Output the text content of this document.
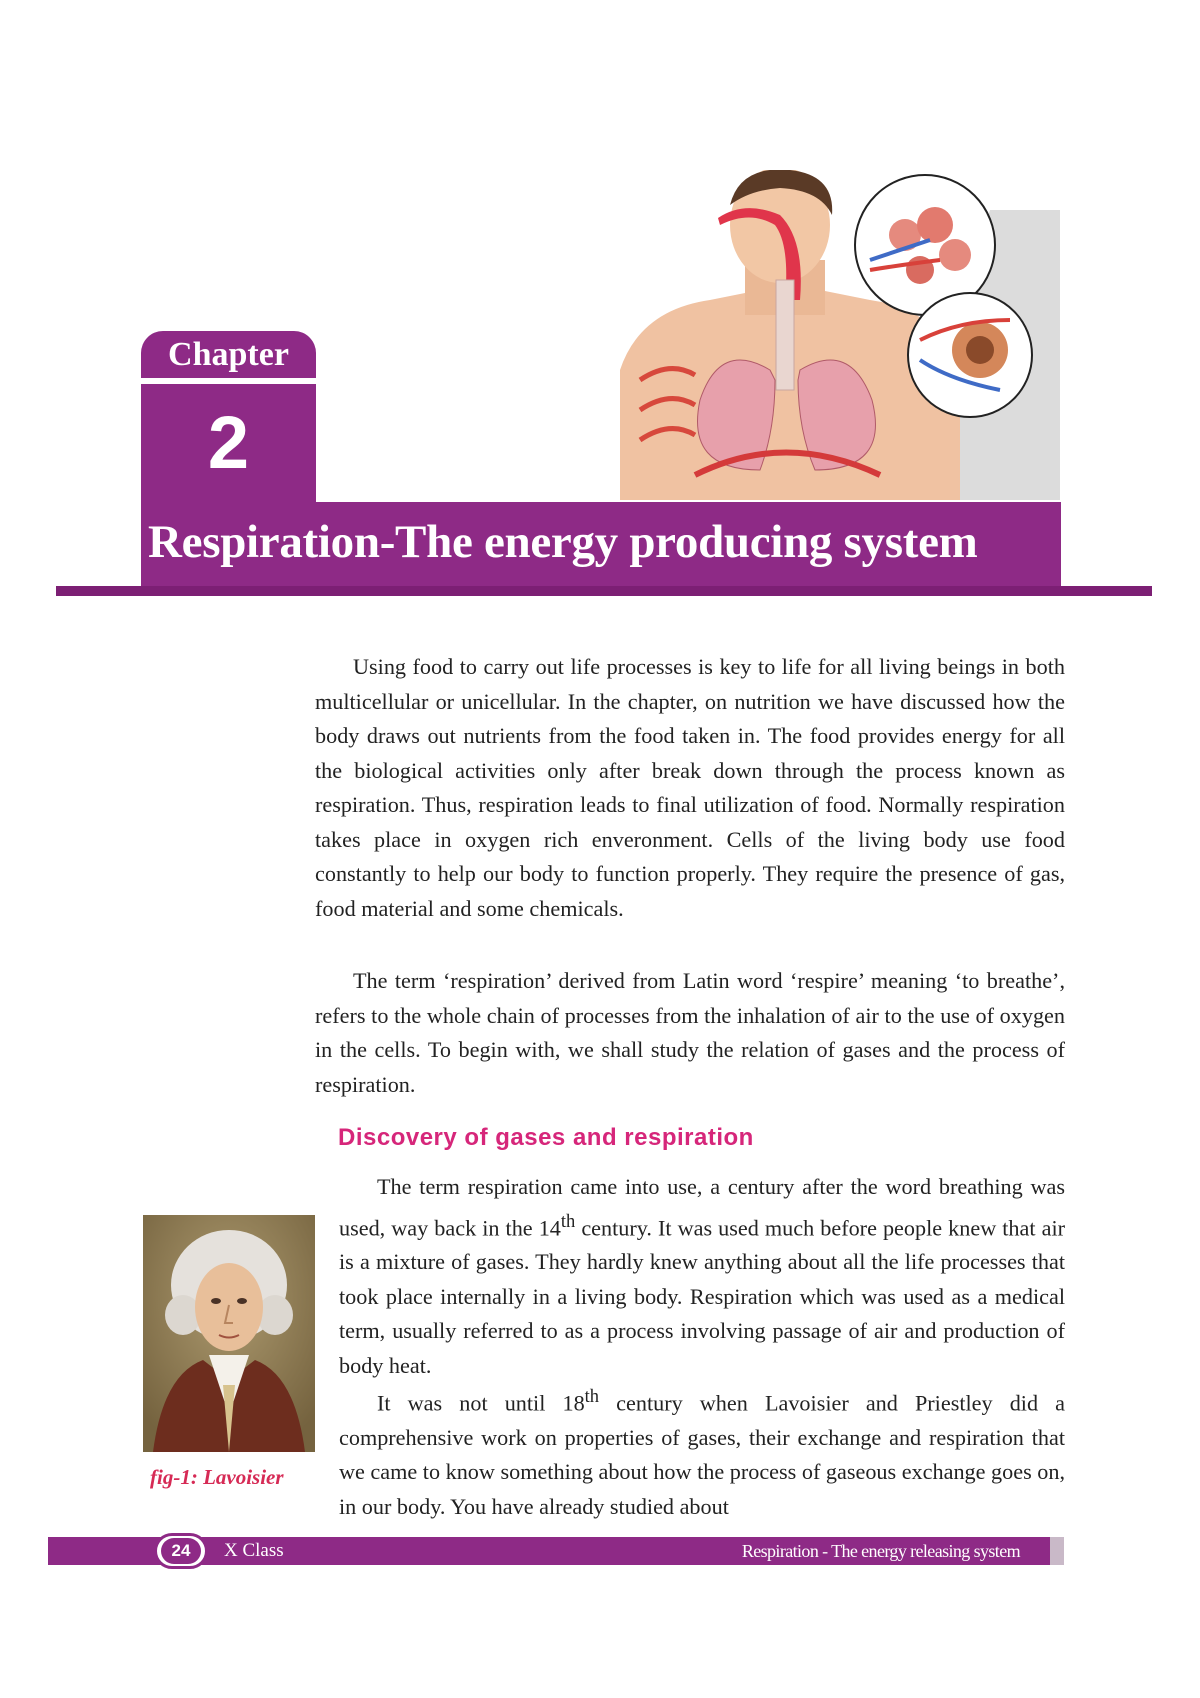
Chapter
2
Respiration-The energy producing system

Using food to carry out life processes is key to life for all living beings in both multicellular or unicellular. In the chapter, on nutrition we have discussed how the body draws out nutrients from the food taken in. The food provides energy for all the biological activities only after break down through the process known as respiration. Thus, respiration leads to final utilization of food. Normally respiration takes place in oxygen rich enveronment. Cells of the living body use food constantly to help our body to function properly. They require the presence of gas, food material and some chemicals.

The term ‘respiration’ derived from Latin word ‘respire’ meaning ‘to breathe’, refers to the whole chain of processes from the inhalation of air to the use of oxygen in the cells. To begin with, we shall study the relation of gases and the process of respiration.

Discovery of gases and respiration

The term respiration came into use, a century after the word breathing was used, way back in the 14th century. It was used much before people knew that air is a mixture of gases. They hardly knew anything about all the life processes that took place internally in a living body. Respiration which was used as a medical term, usually referred to as a process involving passage of air and production of body heat.

It was not until 18th century when Lavoisier and Priestley did a comprehensive work on properties of gases, their exchange and respiration that we came to know something about how the process of gaseous exchange goes on, in our body. You have already studied about

fig-1: Lavoisier
24	X Class	Respiration - The energy releasing system
